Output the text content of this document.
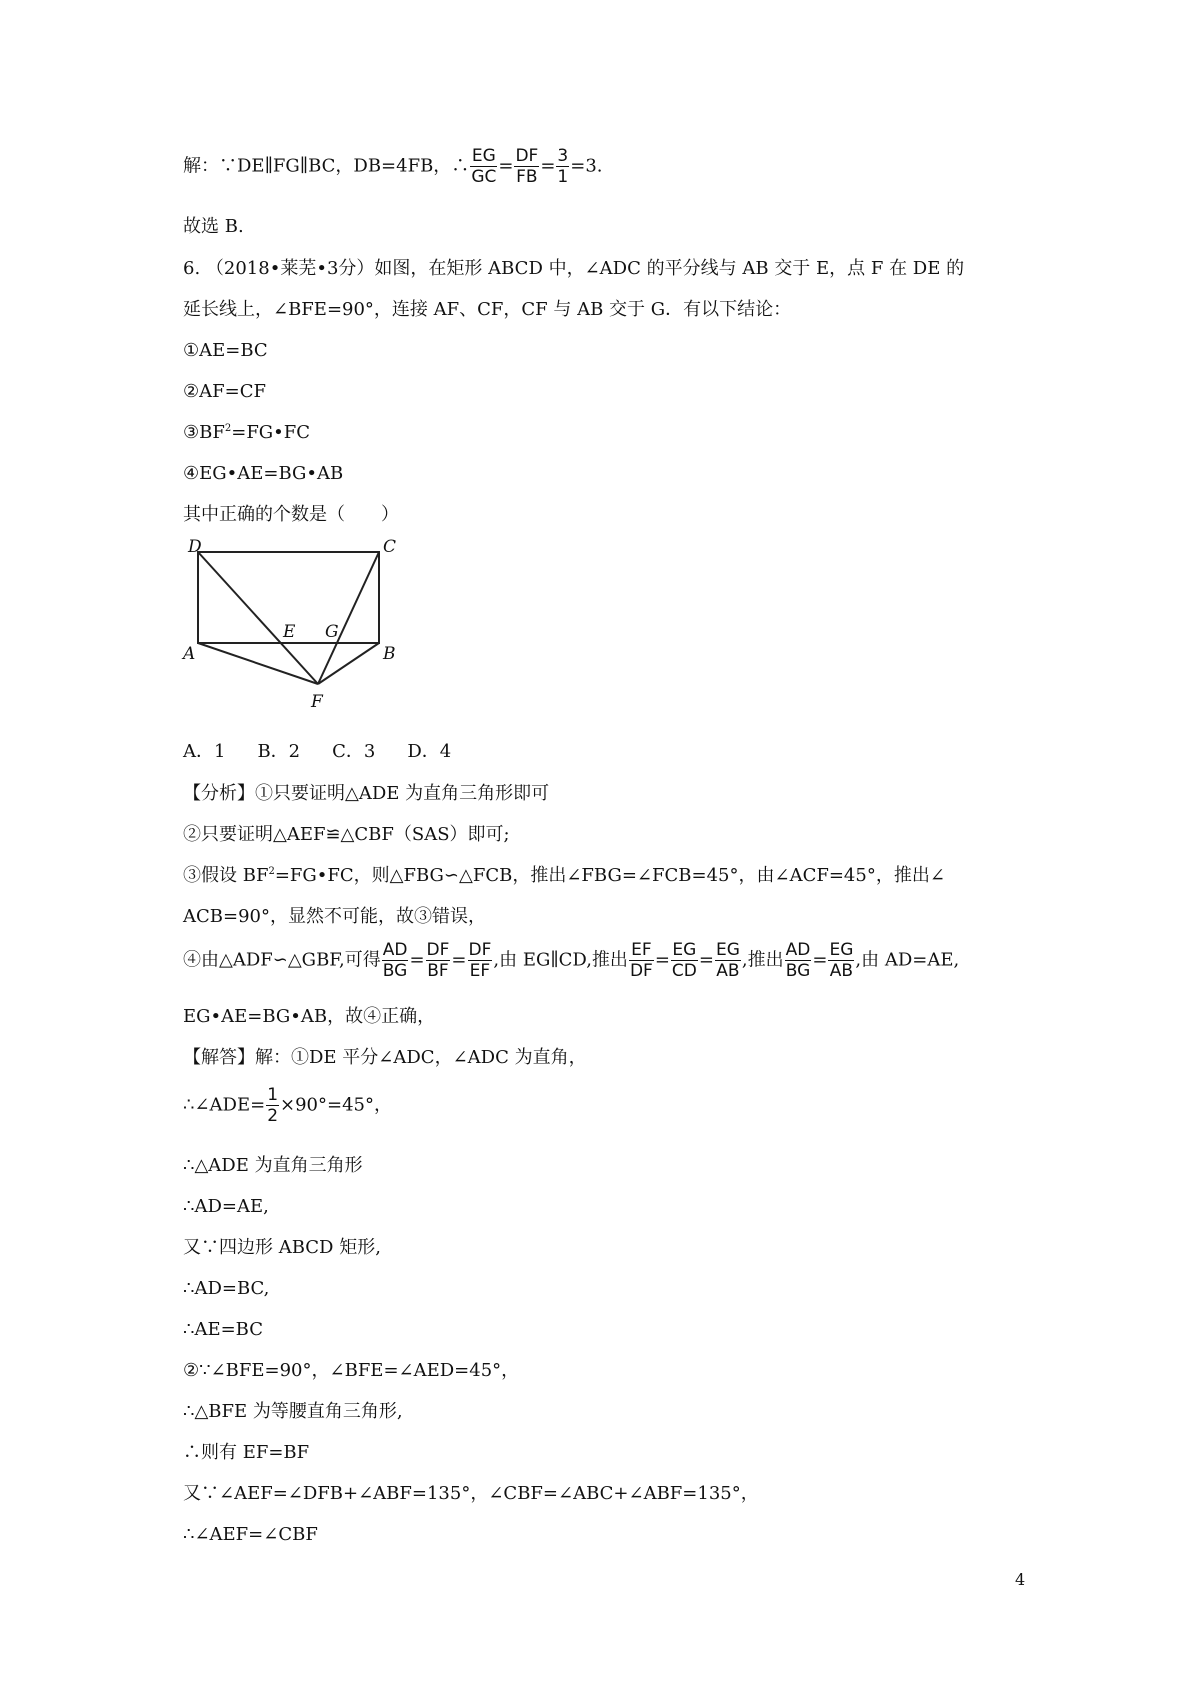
解：∵DE∥FG∥BC，DB=4FB，∴ $\frac{EG}{GC} = \frac{DF}{FB} = \frac{3}{1} =3$.
故选 B.
6. （2018•莱芜•3分）如图，在矩形 ABCD 中，∠ADC 的平分线与 AB 交于 E，点 F 在 DE 的
延长线上，∠BFE=90°，连接 AF、CF，CF 与 AB 交于 G．有以下结论：
①AE=BC
②AF=CF
$③BF^2=FG•FC$
④EG•AE=BG•AB
其中正确的个数是（　　）
D	C
A	B
E G
F
A．1 B．2 C．3 D．4
【分析】①只要证明△ADE 为直角三角形即可
②只要证明△AEF≌△CBF（SAS）即可;
③假设 $BF^2=FG•FC$，则△FBG∽△FCB，推出∠FBG=∠FCB=45°，由∠ACF=45°，推出∠
ACB=90°，显然不可能，故③错误，
④由△ADF∽△GBF,可得 $\frac{AD}{BG} = \frac{DF}{BF} = \frac{DF}{EF}$ ,由 EG∥CD,推出 $\frac{EF}{DF} = \frac{EG}{CD} = \frac{EG}{AB}$ ,推出 $\frac{AD}{BG} = \frac{EG}{AB}$ ,由 AD=AE,
EG•AE=BG•AB，故④正确，
【解答】解：①DE 平分∠ADC，∠ADC 为直角，
∴∠ADE= $\frac{1}{2} \times 90^\circ=45^\circ$，
∴△ADE 为直角三角形
∴AD=AE,
又∵四边形 ABCD 矩形,
∴AD=BC,
∴AE=BC
②∵∠BFE=90°，∠BFE=∠AED=45°，
∴△BFE 为等腰直角三角形,
∴则有 EF=BF
又∵∠AEF=∠DFB+∠ABF=135°，∠CBF=∠ABC+∠ABF=135°，
∴∠AEF=∠CBF
4
